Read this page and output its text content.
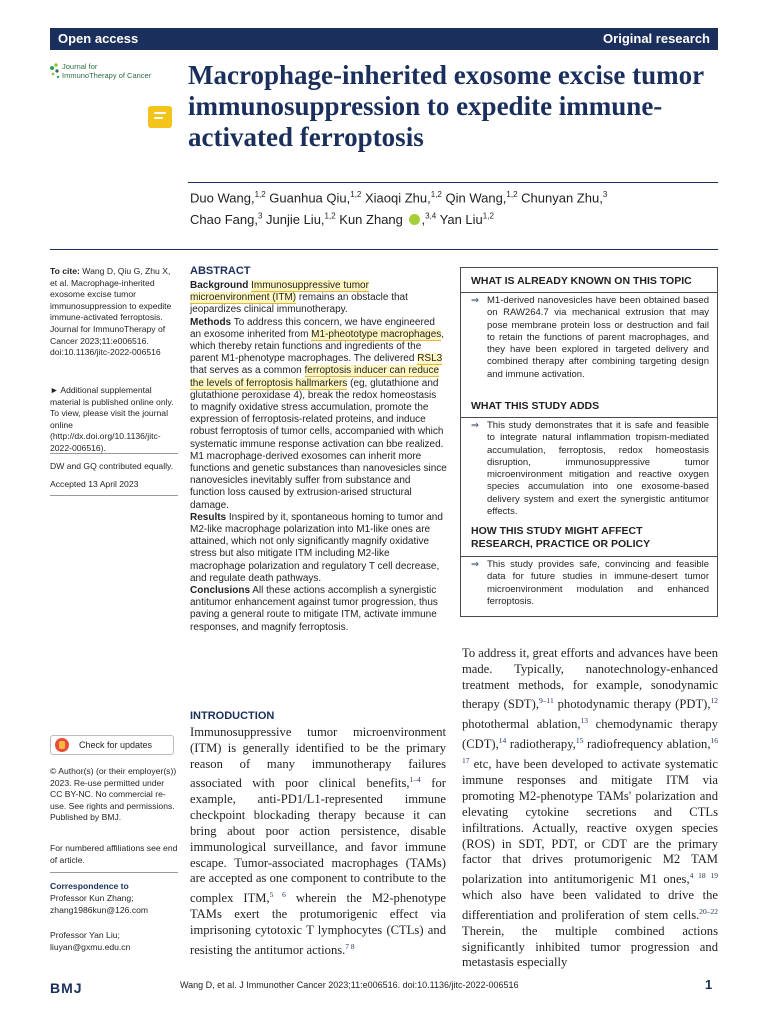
Open access	Original research
Journal for
ImmunoTherapy of Cancer Macrophage-inherited exosome excise tumor immunosuppression to expedite immune-activated ferroptosis
Duo Wang,$^{1,2}$ Guanhua Qiu,$^{1,2}$ Xiaoqi Zhu,$^{1,2}$ Qin Wang,$^{1,2}$ Chunyan Zhu,$^3$
Chao Fang,$^3$ Junjie Liu,$^{1,2}$ Kun Zhang ,$^{3,4}$ Yan Liu$^{1,2}$
To cite: Wang D, Qiu G, Zhu X, et al. Macrophage-inherited exosome excise tumor immunosuppression to expedite immune-activated ferroptosis. Journal for ImmunoTherapy of Cancer 2023;11:e006516. doi:10.1136/jitc-2022-006516
► Additional supplemental material is published online only. To view, please visit the journal online (http://dx.doi.org/10.1136/jitc-2022-006516).
DW and GQ contributed equally.
Accepted 13 April 2023
Check for updates
© Author(s) (or their employer(s)) 2023. Re-use permitted under CC BY-NC. No commercial re-use. See rights and permissions. Published by BMJ.
For numbered affiliations see end of article.
Correspondence to
Professor Kun Zhang; zhang1986kun@126.com
Professor Yan Liu; liuyan@gxmu.edu.cn
ABSTRACT

Background Immunosuppressive tumor microenvironment (ITM) remains an obstacle that jeopardizes clinical immunotherapy.

Methods To address this concern, we have engineered an exosome inherited from M1-pheototype macrophages, which thereby retain functions and ingredients of the parent M1-phenotype macrophages. The delivered RSL3 that serves as a common ferroptosis inducer can reduce the levels of ferroptosis hallmarkers (eg, glutathione and glutathione peroxidase 4), break the redox homeostasis to magnify oxidative stress accumulation, promote the expression of ferroptosis-related proteins, and induce robust ferroptosis of tumor cells, accompanied with which systematic immune response activation can bbe realized. M1 macrophage-derived exosomes can inherit more functions and genetic substances than nanovesicles since nanovesicles inevitably suffer from substance and function loss caused by extrusion-arised structural damage.

Results Inspired by it, spontaneous homing to tumor and M2-like macrophage polarization into M1-like ones are attained, which not only significantly magnify oxidative stress but also mitigate ITM including M2-like macrophage polarization and regulatory T cell decrease, and regulate death pathways.

Conclusions All these actions accomplish a synergistic antitumor enhancement against tumor progression, thus paving a general route to mitigate ITM, activate immune responses, and magnify ferroptosis.

WHAT IS ALREADY KNOWN ON THIS TOPIC
⇒ M1-derived nanovesicles have been obtained based on RAW264.7 via mechanical extrusion that may pose membrane protein loss or destruction and fail to retain the functions of parent macrophages, and they have been explored in targeted delivery and combined therapy after combining targeting design and immune activation.
WHAT THIS STUDY ADDS
⇒ This study demonstrates that it is safe and feasible to integrate natural inflammation tropism-mediated accumulation, ferroptosis, redox homeostasis disruption, immunosuppressive tumor microenvironment mitigation and reactive oxygen species accumulation into one exosome-based delivery system and exert the synergistic antitumor effects.
HOW THIS STUDY MIGHT AFFECT RESEARCH, PRACTICE OR POLICY
⇒ This study provides safe, convincing and feasible data for future studies in immune-desert tumor microenvironment modulation and enhanced ferroptosis.
INTRODUCTION
Immunosuppressive tumor microenvironment (ITM) is generally identified to be the primary reason of many immunotherapy failures associated with poor clinical benefits,$^{1-4}$ for example, anti-PD1/L1-represented immune checkpoint blockading therapy because it can bring about poor action persistence, disable immunological surveillance, and favor immune escape. Tumor-associated macrophages (TAMs) are accepted as one component to contribute to the complex ITM,$^{5 6}$ wherein the M2-phenotype TAMs exert the protumorigenic effect via imprisoning cytotoxic T lymphocytes (CTLs) and resisting the antitumor actions.$^{7 8}$
To address it, great efforts and advances have been made. Typically, nanotechnology-enhanced treatment methods, for example, sonodynamic therapy (SDT),$^{9-11}$ photodynamic therapy (PDT),$^{12}$ photothermal ablation,$^{13}$ chemodynamic therapy (CDT),$^{14}$ radiotherapy,$^{15}$ radiofrequency ablation,$^{16 17}$ etc, have been developed to activate systematic immune responses and mitigate ITM via promoting M2-phenotype TAMs' polarization and elevating cytokine secretions and CTLs infiltrations. Actually, reactive oxygen species (ROS) in SDT, PDT, or CDT are the primary factor that drives protumorigenic M2 TAM polarization into antitumorigenic M1 ones,$^{4 18 19}$ which also have been validated to drive the differentiation and proliferation of stem cells.$^{20-22}$ Therein, the multiple combined actions significantly inhibited tumor progression and metastasis especially
BMJ	Wang D, et al. J Immunother Cancer 2023;11:e006516. doi:10.1136/jitc-2022-006516	1
